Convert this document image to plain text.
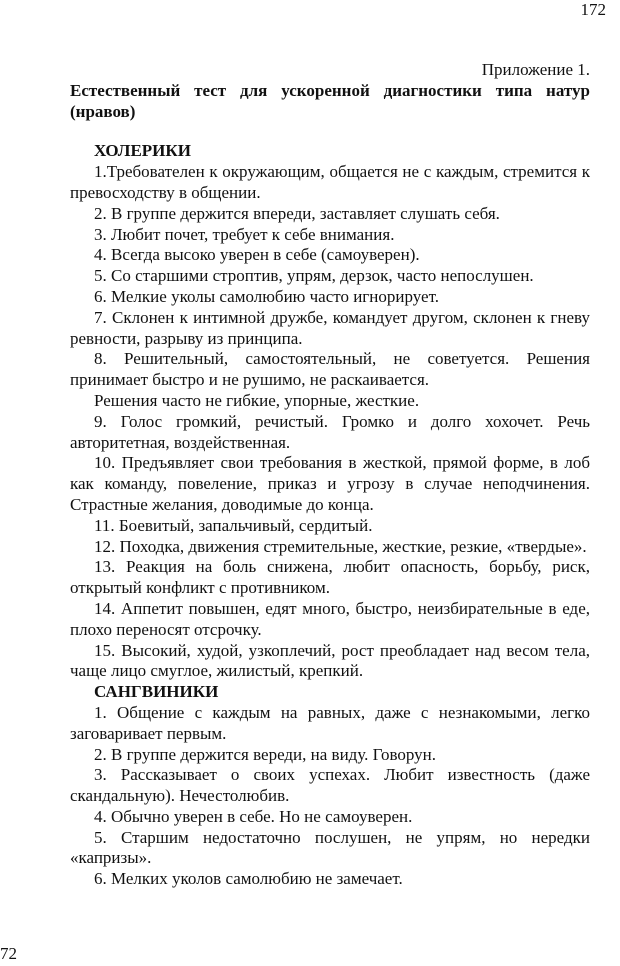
172
Приложение 1.
Естественный тест для ускоренной диагностики типа натур (нравов)
ХОЛЕРИКИ

1.Требователен к окружающим, общается не с каждым, стремится к превосходству в общении.

2. В группе держится впереди, заставляет слушать себя.

3. Любит почет, требует к себе внимания.

4. Всегда высоко уверен в себе (самоуверен).

5. Со старшими строптив, упрям, дерзок, часто непослушен.

6. Мелкие уколы самолюбию часто игнорирует.

7. Склонен к интимной дружбе, командует другом, склонен к гневу ревности, разрыву из принципа.

8. Решительный, самостоятельный, не советуется. Решения принимает быстро и не рушимо, не раскаивается.

Решения часто не гибкие, упорные, жесткие.

9. Голос громкий, речистый. Громко и долго хохочет. Речь авторитетная, воздейственная.

10. Предъявляет свои требования в жесткой, прямой форме, в лоб как команду, повеление, приказ и угрозу в случае неподчинения. Страстные желания, доводимые до конца.

11. Боевитый, запальчивый, сердитый.

12. Походка, движения стремительные, жесткие, резкие, «твердые».

13. Реакция на боль снижена, любит опасность, борьбу, риск, открытый конфликт с противником.

14. Аппетит повышен, едят много, быстро, неизбирательные в еде, плохо переносят отсрочку.

15. Высокий, худой, узкоплечий, рост преобладает над весом тела, чаще лицо смуглое, жилистый, крепкий.

САНГВИНИКИ

1. Общение с каждым на равных, даже с незнакомыми, легко заговаривает первым.

2. В группе держится вереди, на виду. Говорун.

3. Рассказывает о своих успехах. Любит известность (даже скандальную). Нечестолюбив.

4. Обычно уверен в себе. Но не самоуверен.

5. Старшим недостаточно послушен, не упрям, но нередки «капризы».

6. Мелких уколов самолюбию не замечает.

72
